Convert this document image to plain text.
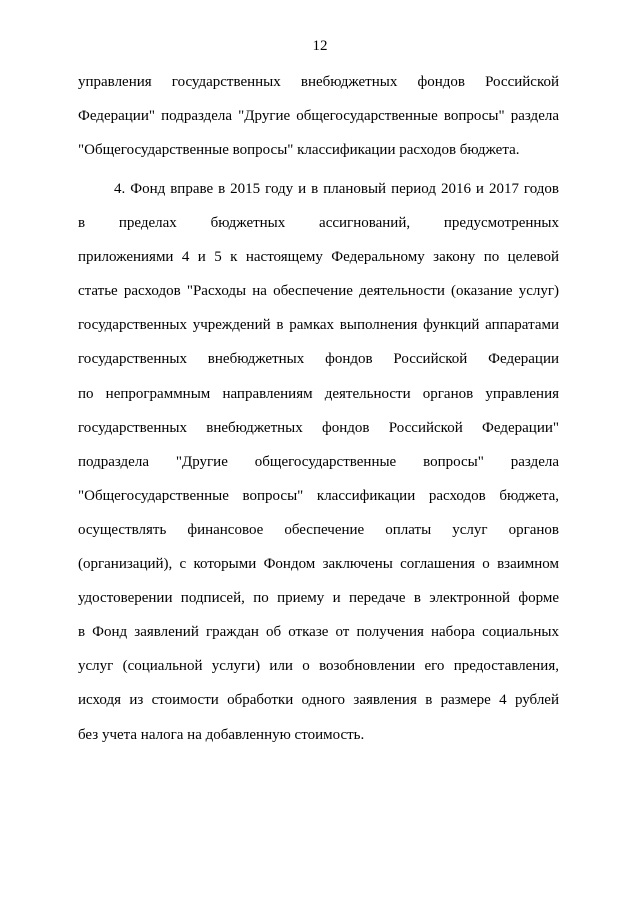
12
управления государственных внебюджетных фондов Российской
Федерации" подраздела "Другие общегосударственные вопросы" раздела
"Общегосударственные вопросы" классификации расходов бюджета.
4. Фонд вправе в 2015 году и в плановый период 2016 и 2017 годов
в пределах бюджетных ассигнований, предусмотренных
приложениями 4 и 5 к настоящему Федеральному закону по целевой
статье расходов "Расходы на обеспечение деятельности (оказание услуг)
государственных учреждений в рамках выполнения функций аппаратами
государственных внебюджетных фондов Российской Федерации
по непрограммным направлениям деятельности органов управления
государственных внебюджетных фондов Российской Федерации"
подраздела "Другие общегосударственные вопросы" раздела
"Общегосударственные вопросы" классификации расходов бюджета,
осуществлять финансовое обеспечение оплаты услуг органов
(организаций), с которыми Фондом заключены соглашения о взаимном
удостоверении подписей, по приему и передаче в электронной форме
в Фонд заявлений граждан об отказе от получения набора социальных
услуг (социальной услуги) или о возобновлении его предоставления,
исходя из стоимости обработки одного заявления в размере 4 рублей
без учета налога на добавленную стоимость.
